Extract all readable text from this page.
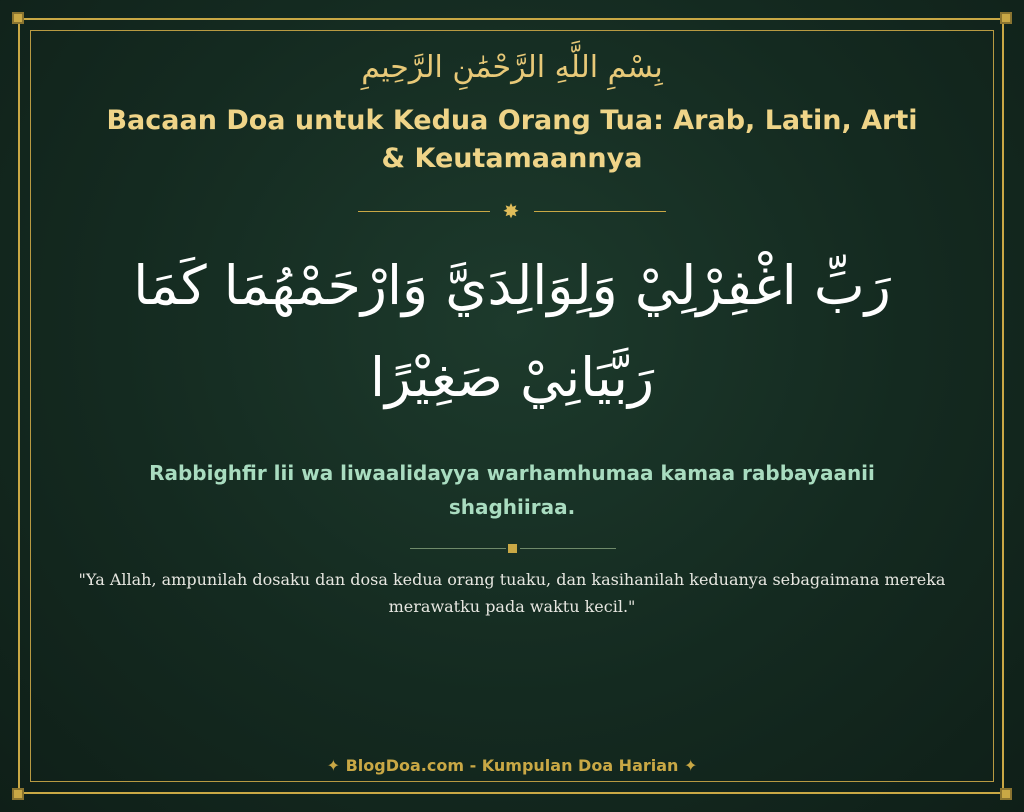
بِسْمِ اللَّهِ الرَّحْمَٰنِ الرَّحِيمِ
Bacaan Doa untuk Kedua Orang Tua: Arab, Latin, Arti & Keutamaannya
✸
رَبِّ اغْفِرْلِيْ وَلِوَالِدَيَّ وَارْحَمْهُمَا كَمَا رَبَّيَانِيْ صَغِيْرًا
Rabbighfir lii wa liwaalidayya warhamhumaa kamaa rabbayaanii shaghiiraa.
"Ya Allah, ampunilah dosaku dan dosa kedua orang tuaku, dan kasihanilah keduanya sebagaimana mereka merawatku pada waktu kecil."
✦ BlogDoa.com - Kumpulan Doa Harian ✦
